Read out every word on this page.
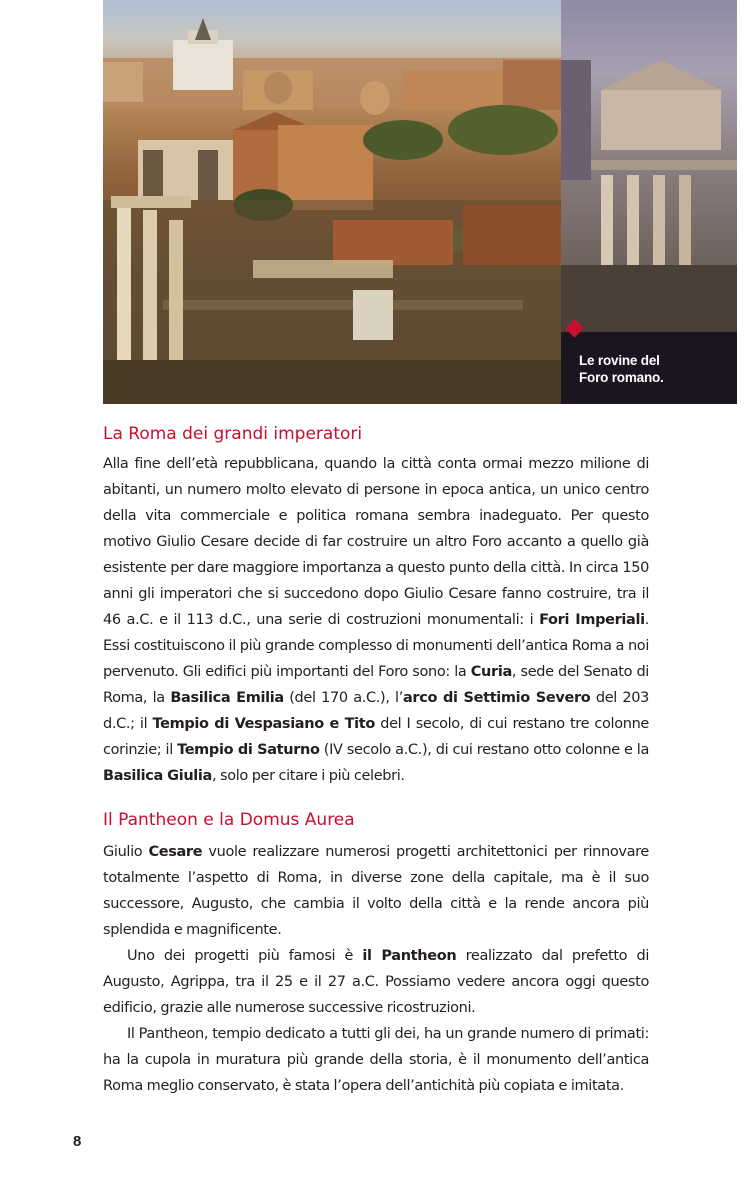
Le rovine del
Foro romano.
La Roma dei grandi imperatori

Alla fine dell’età repubblicana, quando la città conta ormai mezzo milione di abitanti, un numero molto elevato di persone in epoca antica, un unico centro della vita commerciale e politica romana sembra inadeguato. Per questo motivo Giulio Cesare decide di far costruire un altro Foro accanto a quello già esistente per dare maggiore importanza a questo punto della città. In circa 150 anni gli imperatori che si succedono dopo Giulio Cesare fanno costruire, tra il 46 a.C. e il 113 d.C., una serie di costruzioni monumentali: i Fori Imperiali. Essi costituiscono il più grande complesso di monumenti dell’antica Roma a noi pervenuto. Gli edifici più importanti del Foro sono: la Curia, sede del Senato di Roma, la Basilica Emilia (del 170 a.C.), l’arco di Settimio Severo del 203 d.C.; il Tempio di Vespasiano e Tito del I secolo, di cui restano tre colonne corinzie; il Tempio di Saturno (IV secolo a.C.), di cui restano otto colonne e la Basilica Giulia, solo per citare i più celebri.

Il Pantheon e la Domus Aurea

Giulio Cesare vuole realizzare numerosi progetti architettonici per rinnovare totalmente l’aspetto di Roma, in diverse zone della capitale, ma è il suo successore, Augusto, che cambia il volto della città e la rende ancora più splendida e magnificente.

Uno dei progetti più famosi è il Pantheon realizzato dal prefetto di Augusto, Agrippa, tra il 25 e il 27 a.C. Possiamo vedere ancora oggi questo edificio, grazie alle numerose successive ricostruzioni.

Il Pantheon, tempio dedicato a tutti gli dei, ha un grande numero di primati: ha la cupola in muratura più grande della storia, è il monumento dell’antica Roma meglio conservato, è stata l’opera dell’antichità più copiata e imitata.

8
